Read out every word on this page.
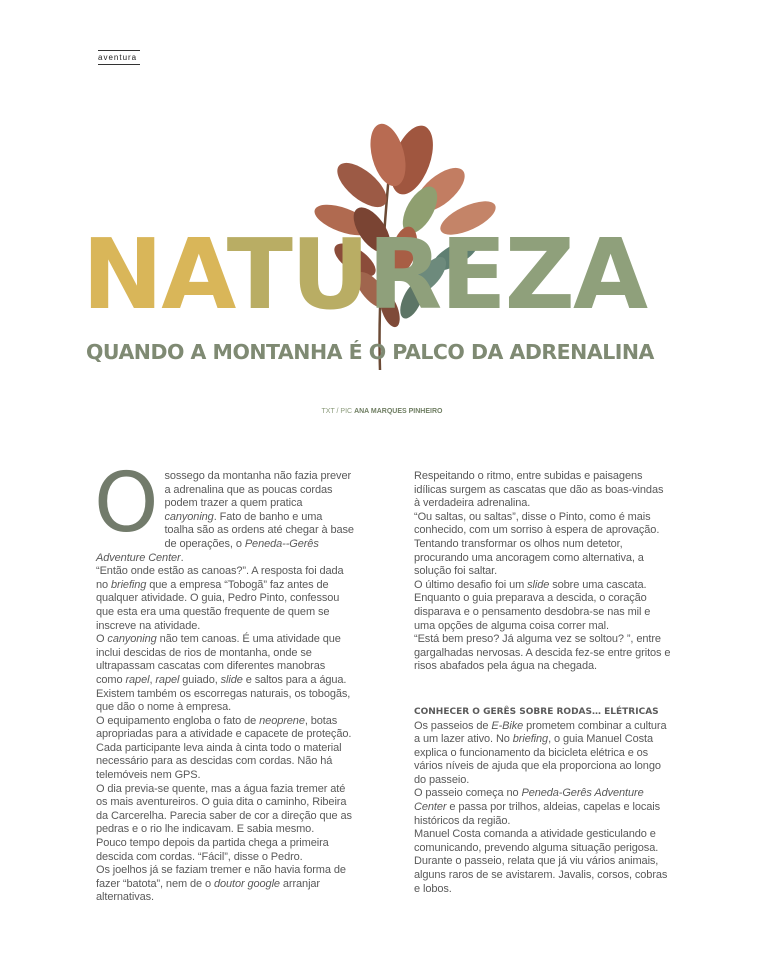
aventura
NATUREZA
QUANDO A MONTANHA É O PALCO DA ADRENALINA
TXT / PIC ANA MARQUES PINHEIRO
O sossego da montanha não fazia prever a adrenalina que as poucas cordas podem trazer a quem pratica canyoning. Fato de banho e uma toalha são as ordens até chegar à base de operações, o Peneda--Gerês Adventure Center.

“Então onde estão as canoas?”. A resposta foi dada no briefing que a empresa “Tobogã” faz antes de qualquer atividade. O guia, Pedro Pinto, confessou que esta era uma questão frequente de quem se inscreve na atividade.

O canyoning não tem canoas. É uma atividade que inclui descidas de rios de montanha, onde se ultrapassam cascatas com diferentes manobras como rapel, rapel guiado, slide e saltos para a água. Existem também os escorregas naturais, os tobogãs, que dão o nome à empresa.

O equipamento engloba o fato de neoprene, botas apropriadas para a atividade e capacete de proteção. Cada participante leva ainda à cinta todo o material necessário para as descidas com cordas. Não há telemóveis nem GPS.

O dia previa-se quente, mas a água fazia tremer até os mais aventureiros. O guia dita o caminho, Ribeira da Carcerelha. Parecia saber de cor a direção que as pedras e o rio lhe indicavam. E sabia mesmo.

Pouco tempo depois da partida chega a primeira descida com cordas. “Fácil”, disse o Pedro.

Os joelhos já se faziam tremer e não havia forma de fazer “batota”, nem de o doutor google arranjar alternativas.

Respeitando o ritmo, entre subidas e paisagens idílicas surgem as cascatas que dão as boas-vindas à verdadeira adrenalina.

“Ou saltas, ou saltas”, disse o Pinto, como é mais conhecido, com um sorriso à espera de aprovação. Tentando transformar os olhos num detetor, procurando uma ancoragem como alternativa, a solução foi saltar.

O último desafio foi um slide sobre uma cascata. Enquanto o guia preparava a descida, o coração disparava e o pensamento desdobra-se nas mil e uma opções de alguma coisa correr mal.

“Está bem preso? Já alguma vez se soltou? ”, entre gargalhadas nervosas. A descida fez-se entre gritos e risos abafados pela água na chegada.

CONHECER O GERÊS SOBRE RODAS… ELÉTRICAS

Os passeios de E-Bike prometem combinar a cultura a um lazer ativo. No briefing, o guia Manuel Costa explica o funcionamento da bicicleta elétrica e os vários níveis de ajuda que ela proporciona ao longo do passeio.

O passeio começa no Peneda-Gerês Adventure Center e passa por trilhos, aldeias, capelas e locais históricos da região.

Manuel Costa comanda a atividade gesticulando e comunicando, prevendo alguma situação perigosa. Durante o passeio, relata que já viu vários animais, alguns raros de se avistarem. Javalis, corsos, cobras e lobos.
